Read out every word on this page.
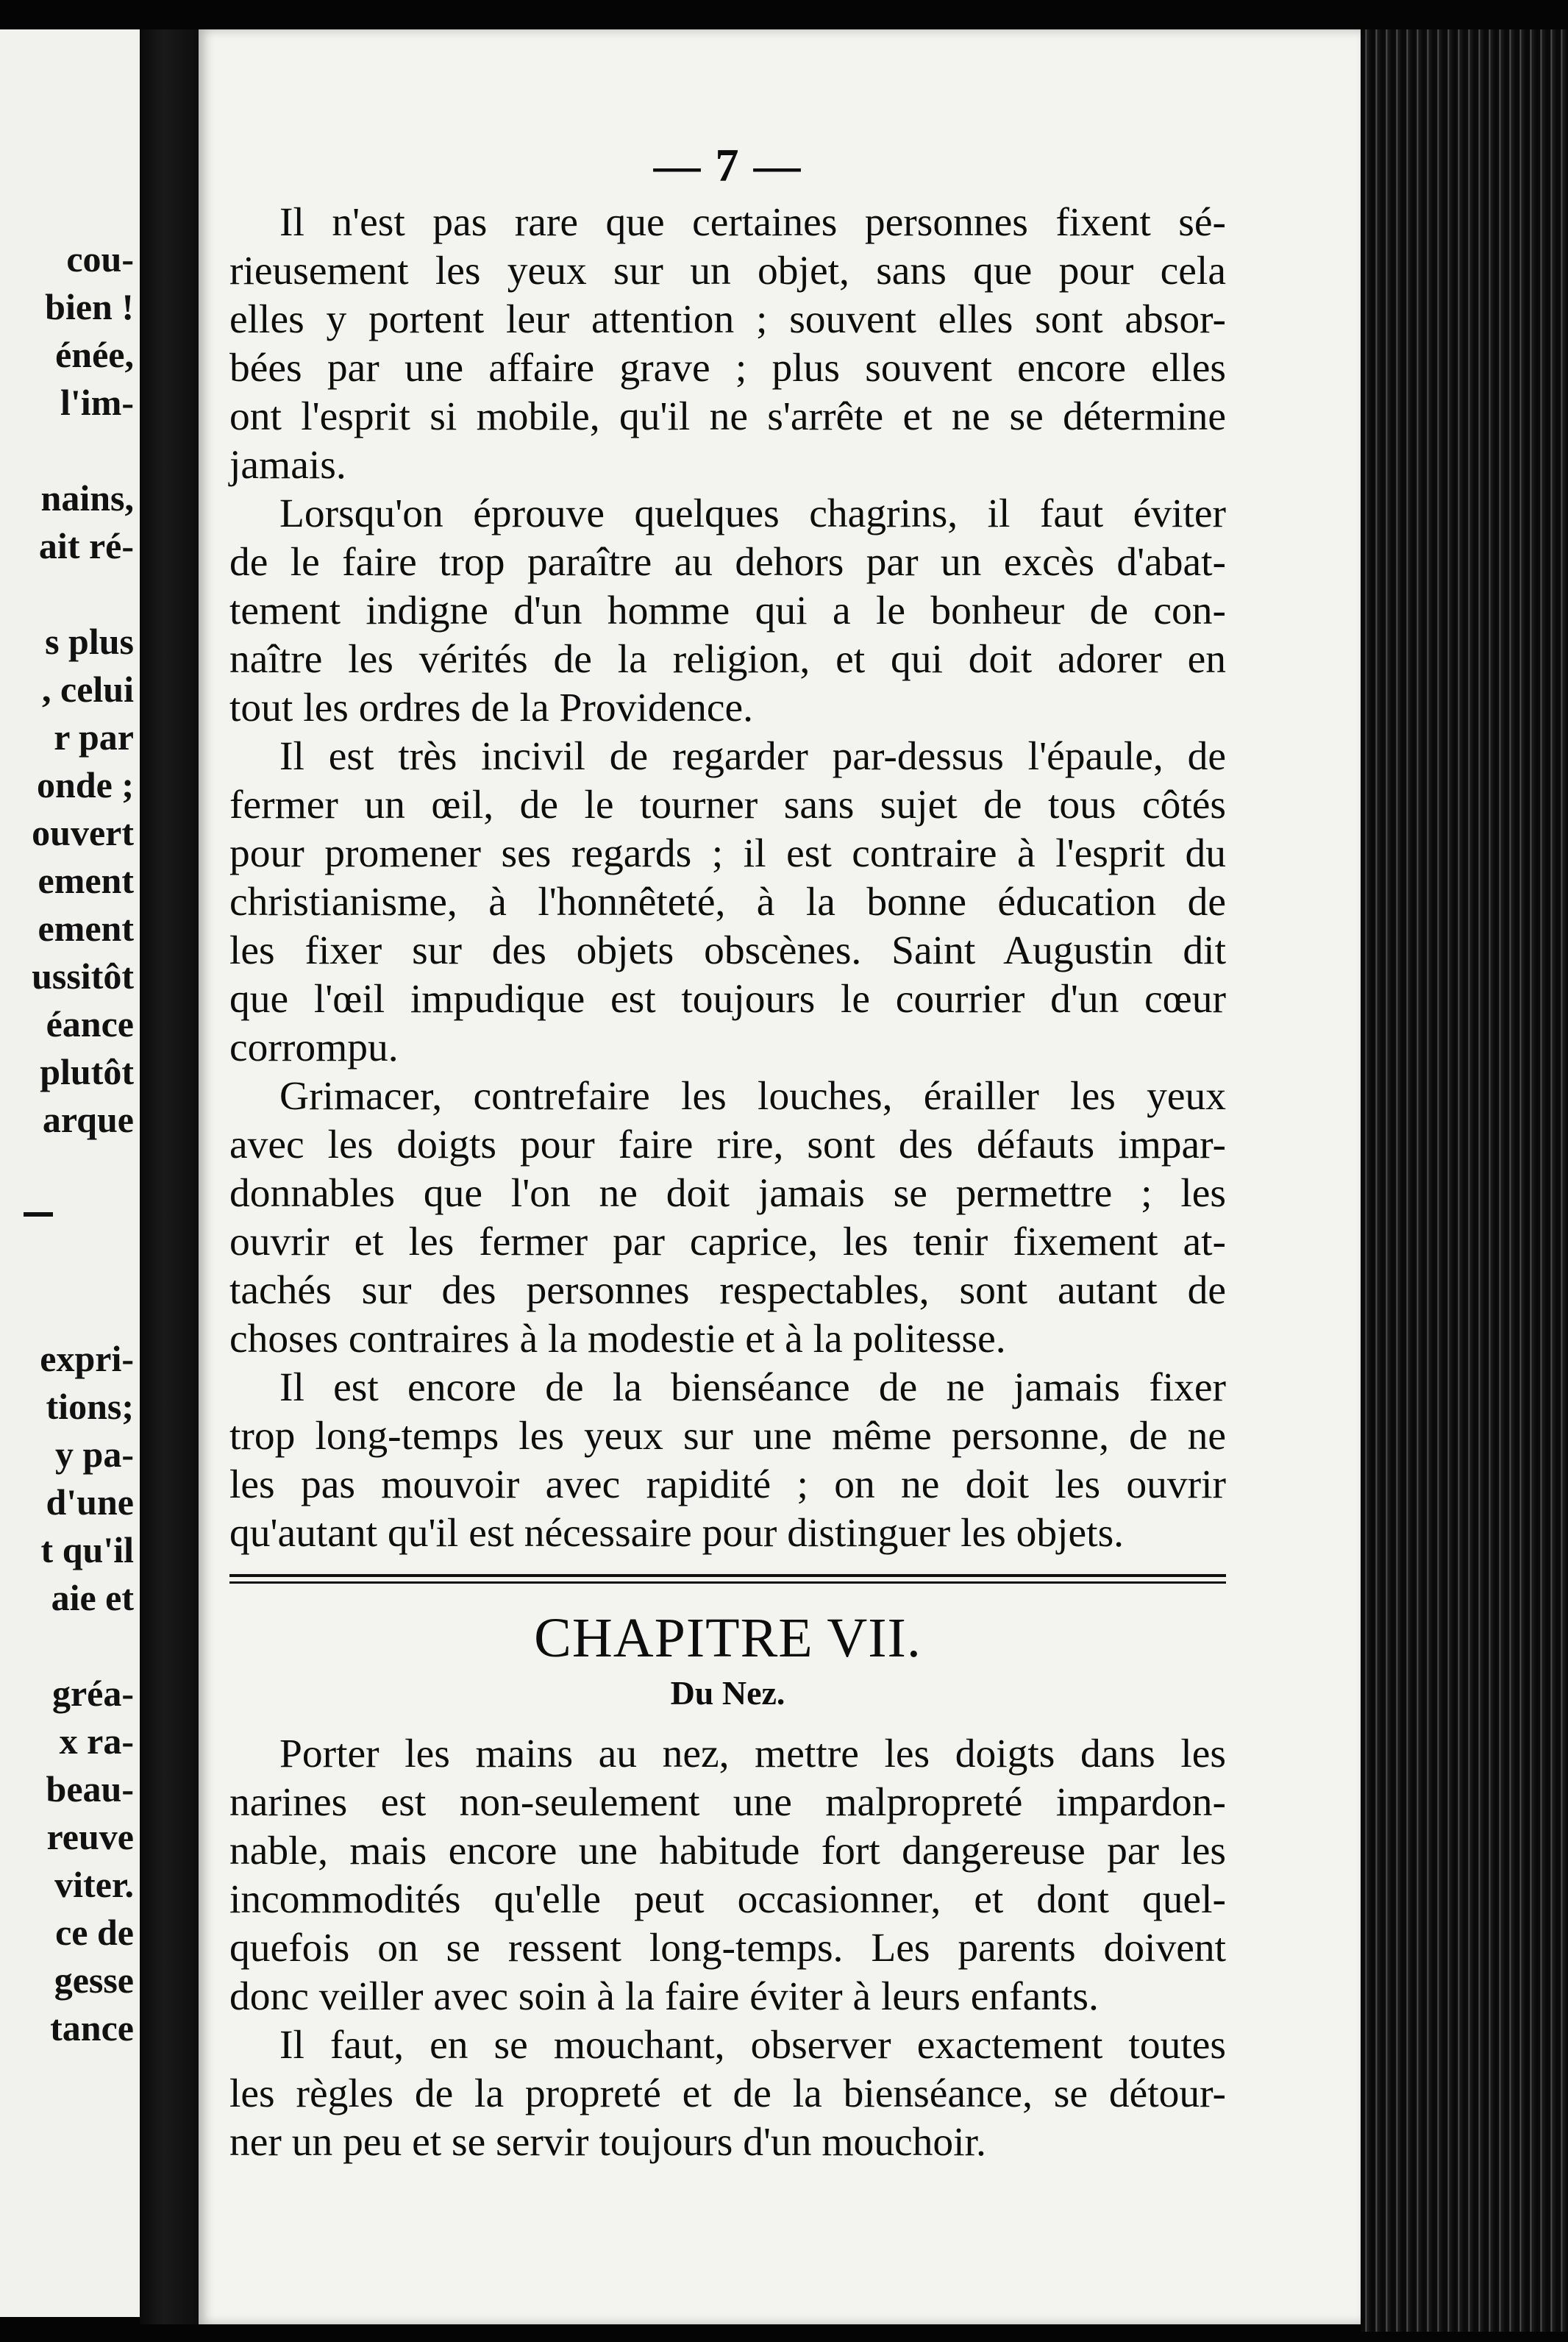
cou-
bien !
énée,
l'im-
nains,
ait ré-
s plus
, celui
r par
onde ;
ouvert
ement
ement
ussitôt
éance
plutôt
arque
expri-
tions;
y pa-
d'une
t qu'il
aie et
gréa-
x ra-
beau-
reuve
viter.
ce de
gesse
tance
— 7 —

Il n'est pas rare que certaines personnes fixent sé-
rieusement les yeux sur un objet, sans que pour cela
elles y portent leur attention ; souvent elles sont absor-
bées par une affaire grave ; plus souvent encore elles
ont l'esprit si mobile, qu'il ne s'arrête et ne se détermine
jamais.

Lorsqu'on éprouve quelques chagrins, il faut éviter
de le faire trop paraître au dehors par un excès d'abat-
tement indigne d'un homme qui a le bonheur de con-
naître les vérités de la religion, et qui doit adorer en
tout les ordres de la Providence.

Il est très incivil de regarder par-dessus l'épaule, de
fermer un œil, de le tourner sans sujet de tous côtés
pour promener ses regards ; il est contraire à l'esprit du
christianisme, à l'honnêteté, à la bonne éducation de
les fixer sur des objets obscènes. Saint Augustin dit
que l'œil impudique est toujours le courrier d'un cœur
corrompu.

Grimacer, contrefaire les louches, érailler les yeux
avec les doigts pour faire rire, sont des défauts impar-
donnables que l'on ne doit jamais se permettre ; les
ouvrir et les fermer par caprice, les tenir fixement at-
tachés sur des personnes respectables, sont autant de
choses contraires à la modestie et à la politesse.

Il est encore de la bienséance de ne jamais fixer
trop long-temps les yeux sur une même personne, de ne
les pas mouvoir avec rapidité ; on ne doit les ouvrir
qu'autant qu'il est nécessaire pour distinguer les objets.

CHAPITRE VII.
Du Nez.

Porter les mains au nez, mettre les doigts dans les
narines est non-seulement une malpropreté impardon-
nable, mais encore une habitude fort dangereuse par les
incommodités qu'elle peut occasionner, et dont quel-
quefois on se ressent long-temps. Les parents doivent
donc veiller avec soin à la faire éviter à leurs enfants.

Il faut, en se mouchant, observer exactement toutes
les règles de la propreté et de la bienséance, se détour-
ner un peu et se servir toujours d'un mouchoir.
